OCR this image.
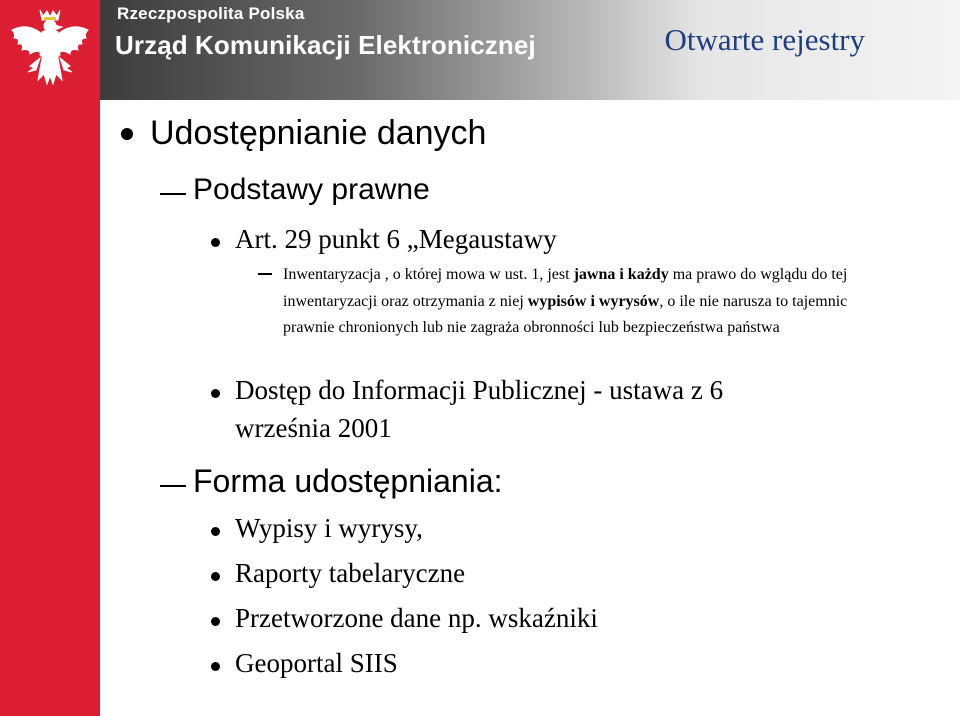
Rzeczpospolita Polska
Urząd Komunikacji Elektronicznej	Otwarte rejestry
Udostępnianie danych
Podstawy prawne
Art. 29 punkt 6 „Megaustawy
Inwentaryzacja , o której mowa w ust. 1, jest jawna i każdy ma prawo do wglądu do tej inwentaryzacji oraz otrzymania z niej wypisów i wyrysów, o ile nie narusza to tajemnic prawnie chronionych lub nie zagraża obronności lub bezpieczeństwa państwa
Dostęp do Informacji Publicznej - ustawa z 6
września 2001
Forma udostępniania:
Wypisy i wyrysy,
Raporty tabelaryczne
Przetworzone dane np. wskaźniki
Geoportal SIIS
